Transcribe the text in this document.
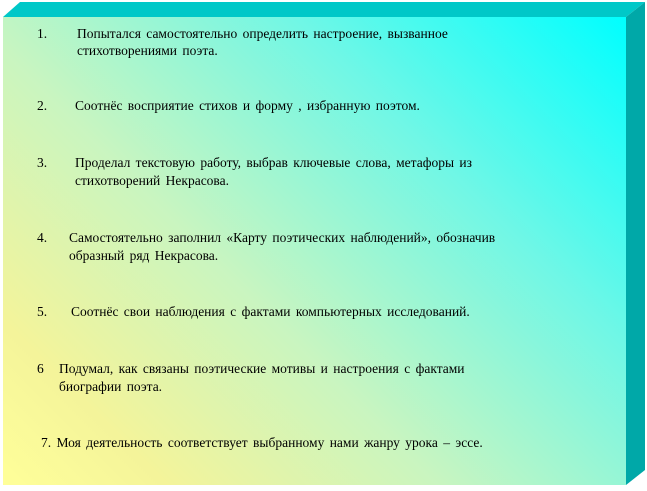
1. Попытался самостоятельно определить настроение, вызванное
стихотворениями поэта.
2. Соотнёс восприятие стихов и форму , избранную поэтом.
3. Проделал текстовую работу, выбрав ключевые слова, метафоры из
стихотворений Некрасова.
4. Самостоятельно заполнил «Карту поэтических наблюдений», обозначив
образный ряд Некрасова.
5. Соотнёс свои наблюдения с фактами компьютерных исследований.
6 Подумал, как связаны поэтические мотивы и настроения с фактами
биографии поэта.
7. Моя деятельность соответствует выбранному нами жанру урока – эссе.
